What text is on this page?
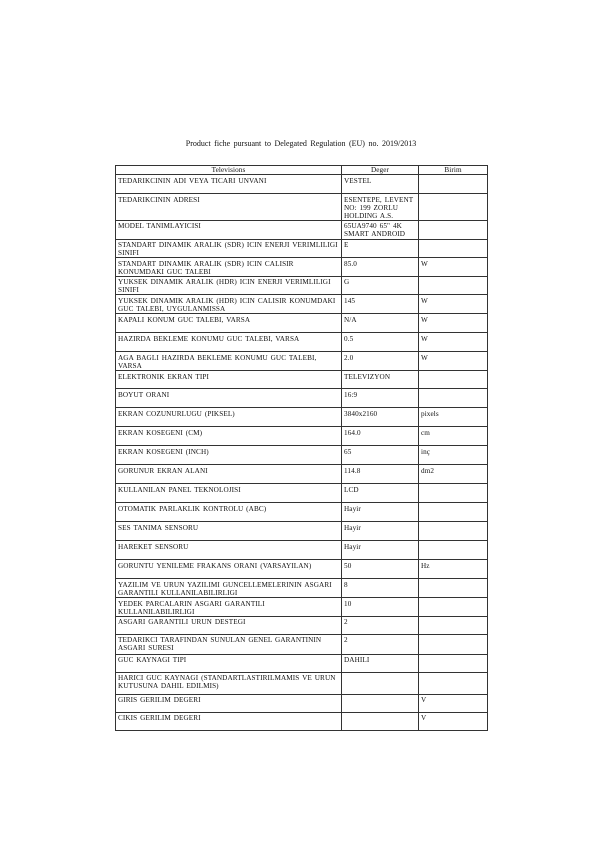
Product fiche pursuant to Delegated Regulation (EU) no. 2019/2013
Televisions	Deger	Birim
TEDARIKCININ ADI VEYA TICARI UNVANI	VESTEL	
TEDARIKCININ ADRESI	ESENTEPE, LEVENT NO: 199 ZORLU HOLDING A.S.	
MODEL TANIMLAYICISI	65UA9740 65" 4K SMART ANDROID	
STANDART DINAMIK ARALIK (SDR) ICIN ENERJI VERIMLILIGI SINIFI	E	
STANDART DINAMIK ARALIK (SDR) ICIN CALISIR KONUMDAKI GUC TALEBI	85.0	W
YUKSEK DINAMIK ARALIK (HDR) ICIN ENERJI VERIMLILIGI SINIFI	G	
YUKSEK DINAMIK ARALIK (HDR) ICIN CALISIR KONUMDAKI GUC TALEBI, UYGULANMISSA	145	W
KAPALI KONUM GUC TALEBI, VARSA	N/A	W
HAZIRDA BEKLEME KONUMU GUC TALEBI, VARSA	0.5	W
AGA BAGLI HAZIRDA BEKLEME KONUMU GUC TALEBI, VARSA	2.0	W
ELEKTRONIK EKRAN TIPI	TELEVIZYON	
BOYUT ORANI	16:9	
EKRAN COZUNURLUGU (PIKSEL)	3840x2160	pixels
EKRAN KOSEGENI (CM)	164.0	cm
EKRAN KOSEGENI (INCH)	65	inç
GORUNUR EKRAN ALANI	114.8	dm2
KULLANILAN PANEL TEKNOLOJISI	LCD	
OTOMATIK PARLAKLIK KONTROLU (ABC)	Hayir	
SES TANIMA SENSORU	Hayir	
HAREKET SENSORU	Hayir	
GORUNTU YENILEME FRAKANS ORANI (VARSAYILAN)	50	Hz
YAZILIM VE URUN YAZILIMI GUNCELLEMELERININ ASGARI GARANTILI KULLANILABILIRLIGI	8	
YEDEK PARCALARIN ASGARI GARANTILI KULLANILABILIRLIGI	10	
ASGARI GARANTILI URUN DESTEGI	2	
TEDARIKCI TARAFINDAN SUNULAN GENEL GARANTININ ASGARI SURESI	2	
GUC KAYNAGI TIPI	DAHILI	
HARICI GUC KAYNAGI (STANDARTLASTIRILMAMIS VE URUN KUTUSUNA DAHIL EDILMIS)		
GIRIS GERILIM DEGERI		V
CIKIS GERILIM DEGERI		V
